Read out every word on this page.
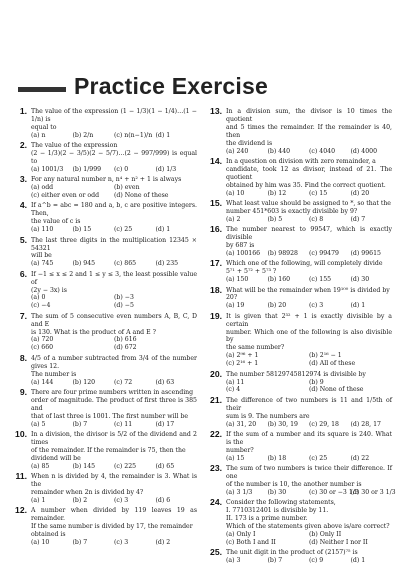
Practice Exercise
1. The value of the expression (1 − 1/3)(1 − 1/4)…(1 − 1/n) is

equal to

(a) n	(b) 2/n	(c) n(n−1)/n (d) 1
2. The value of the expression

(2 − 1/3)(2 − 3/5)(2 − 5/7)…(2 − 997/999) is equal to

(a) 1001/3	(b) 1/999	(c) 0	(d) 1/3
3. For any natural number n, n⁴ + n² + 1 is always

(a) odd	(b) even
(c) either even or odd	(d) None of these
4. If a^b = abc = 180 and a, b, c are positive integers. Then,

the value of c is

(a) 110	(b) 15	(c) 25	(d) 1
5. The last three digits in the multiplication 12345 × 54321

will be

(a) 745	(b) 945	(c) 865	(d) 235
6. If −1 ≤ x ≤ 2 and 1 ≤ y ≤ 3, the least possible value of

(2y − 3x) is

(a) 0	(b) −3
(c) −4	(d) −5
7. The sum of 5 consecutive even numbers A, B, C, D and E

is 130. What is the product of A and E ?

(a) 720	(b) 616
(c) 660	(d) 672
8. 4/5 of a number subtracted from 3/4 of the number gives 12.

The number is

(a) 144	(b) 120	(c) 72	(d) 63
9. There are four prime numbers written in ascending

order of magnitude. The product of first three is 385 and

that of last three is 1001. The first number will be

(a) 5	(b) 7	(c) 11	(d) 17
10. In a division, the divisor is 5/2 of the dividend and 2 times

of the remainder. If the remainder is 75, then the

dividend will be

(a) 85	(b) 145	(c) 225	(d) 65
11. When n is divided by 4, the remainder is 3. What is the

remainder when 2n is divided by 4?

(a) 1	(b) 2	(c) 3	(d) 6
12. A number when divided by 119 leaves 19 as remainder.

If the same number is divided by 17, the remainder

obtained is

(a) 10	(b) 7	(c) 3	(d) 2
13. In a division sum, the divisor is 10 times the quotient

and 5 times the remainder. If the remainder is 40, then

the dividend is

(a) 240	(b) 440	(c) 4040	(d) 4000
14. In a question on division with zero remainder, a

candidate, took 12 as divisor, instead of 21. The quotient

obtained by him was 35. Find the correct quotient.

(a) 10	(b) 12	(c) 15	(d) 20
15. What least value should be assigned to *, so that the

number 451*603 is exactly divisible by 9?

(a) 2	(b) 5	(c) 8	(d) 7
16. The number nearest to 99547, which is exactly divisible

by 687 is

(a) 100166	(b) 98928	(c) 99479	(d) 99615
17. Which one of the following, will completely divide

5⁷¹ + 5⁷² + 5⁷³ ?

(a) 150	(b) 160	(c) 155	(d) 30
18. What will be the remainder when 19¹⁰⁰ is divided by

20?

(a) 19	(b) 20	(c) 3	(d) 1
19. It is given that 2³² + 1 is exactly divisible by a certain

number. Which one of the following is also divisible by

the same number?

(a) 2⁹⁶ + 1	(b) 2¹⁶ − 1
(c) 2¹⁶ + 1	(d) All of these
20. The number 58129745812974 is divisible by

(a) 11	(b) 9
(c) 4	(d) None of these
21. The difference of two numbers is 11 and 1/5th of their

sum is 9. The numbers are

(a) 31, 20	(b) 30, 19	(c) 29, 18	(d) 28, 17
22. If the sum of a number and its square is 240. What is the

number?

(a) 15	(b) 18	(c) 25	(d) 22
23. The sum of two numbers is twice their difference. If one

of the number is 10, the another number is

(a) 3 1/3	(b) 30	(c) 30 or −3 1/3
(d) 30 or 3 1/3
24. Consider the following statements,

I. 7710312401 is divisible by 11.

II. 173 is a prime number.

Which of the statements given above is/are correct?

(a) Only I	(b) Only II
(c) Both I and II	(d) Neither I nor II
25. The unit digit in the product of (2157)⁷⁵ is

(a) 3	(b) 7	(c) 9	(d) 1
